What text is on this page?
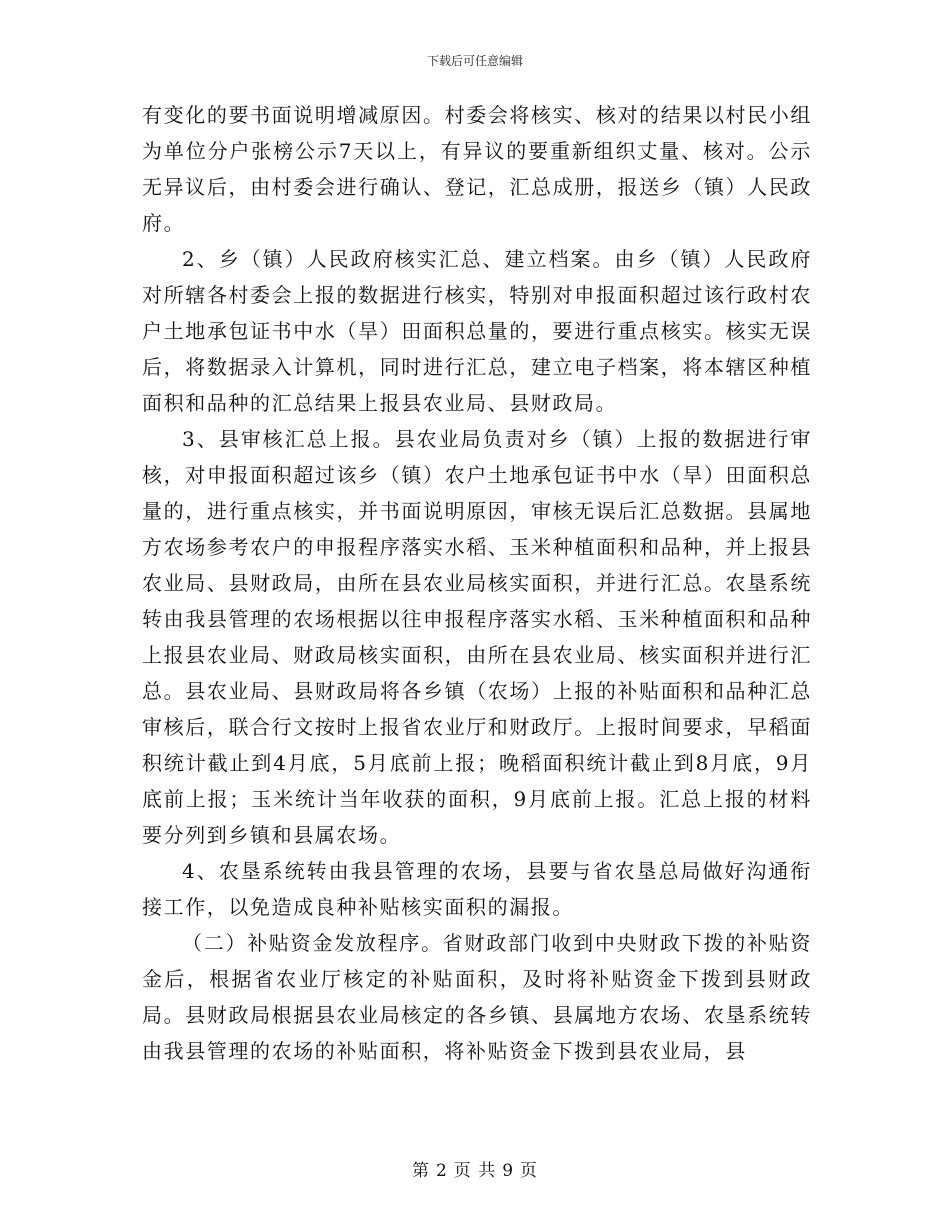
下载后可任意编辑

有变化的要书面说明增减原因。村委会将核实、核对的结果以村民小组为单位分户张榜公示7天以上，有异议的要重新组织丈量、核对。公示无异议后，由村委会进行确认、登记，汇总成册，报送乡（镇）人民政府。

2、乡（镇）人民政府核实汇总、建立档案。由乡（镇）人民政府对所辖各村委会上报的数据进行核实，特别对申报面积超过该行政村农户土地承包证书中水（旱）田面积总量的，要进行重点核实。核实无误后，将数据录入计算机，同时进行汇总，建立电子档案，将本辖区种植面积和品种的汇总结果上报县农业局、县财政局。

3、县审核汇总上报。县农业局负责对乡（镇）上报的数据进行审核，对申报面积超过该乡（镇）农户土地承包证书中水（旱）田面积总量的，进行重点核实，并书面说明原因，审核无误后汇总数据。县属地方农场参考农户的申报程序落实水稻、玉米种植面积和品种，并上报县农业局、县财政局，由所在县农业局核实面积，并进行汇总。农垦系统转由我县管理的农场根据以往申报程序落实水稻、玉米种植面积和品种上报县农业局、财政局核实面积，由所在县农业局、核实面积并进行汇总。县农业局、县财政局将各乡镇（农场）上报的补贴面积和品种汇总审核后，联合行文按时上报省农业厅和财政厅。上报时间要求，早稻面积统计截止到4月底，5月底前上报；晚稻面积统计截止到8月底，9月底前上报；玉米统计当年收获的面积，9月底前上报。汇总上报的材料要分列到乡镇和县属农场。

4、农垦系统转由我县管理的农场，县要与省农垦总局做好沟通衔接工作，以免造成良种补贴核实面积的漏报。

（二）补贴资金发放程序。省财政部门收到中央财政下拨的补贴资金后，根据省农业厅核定的补贴面积，及时将补贴资金下拨到县财政局。县财政局根据县农业局核定的各乡镇、县属地方农场、农垦系统转由我县管理的农场的补贴面积，将补贴资金下拨到县农业局，县

第 2 页 共 9 页
